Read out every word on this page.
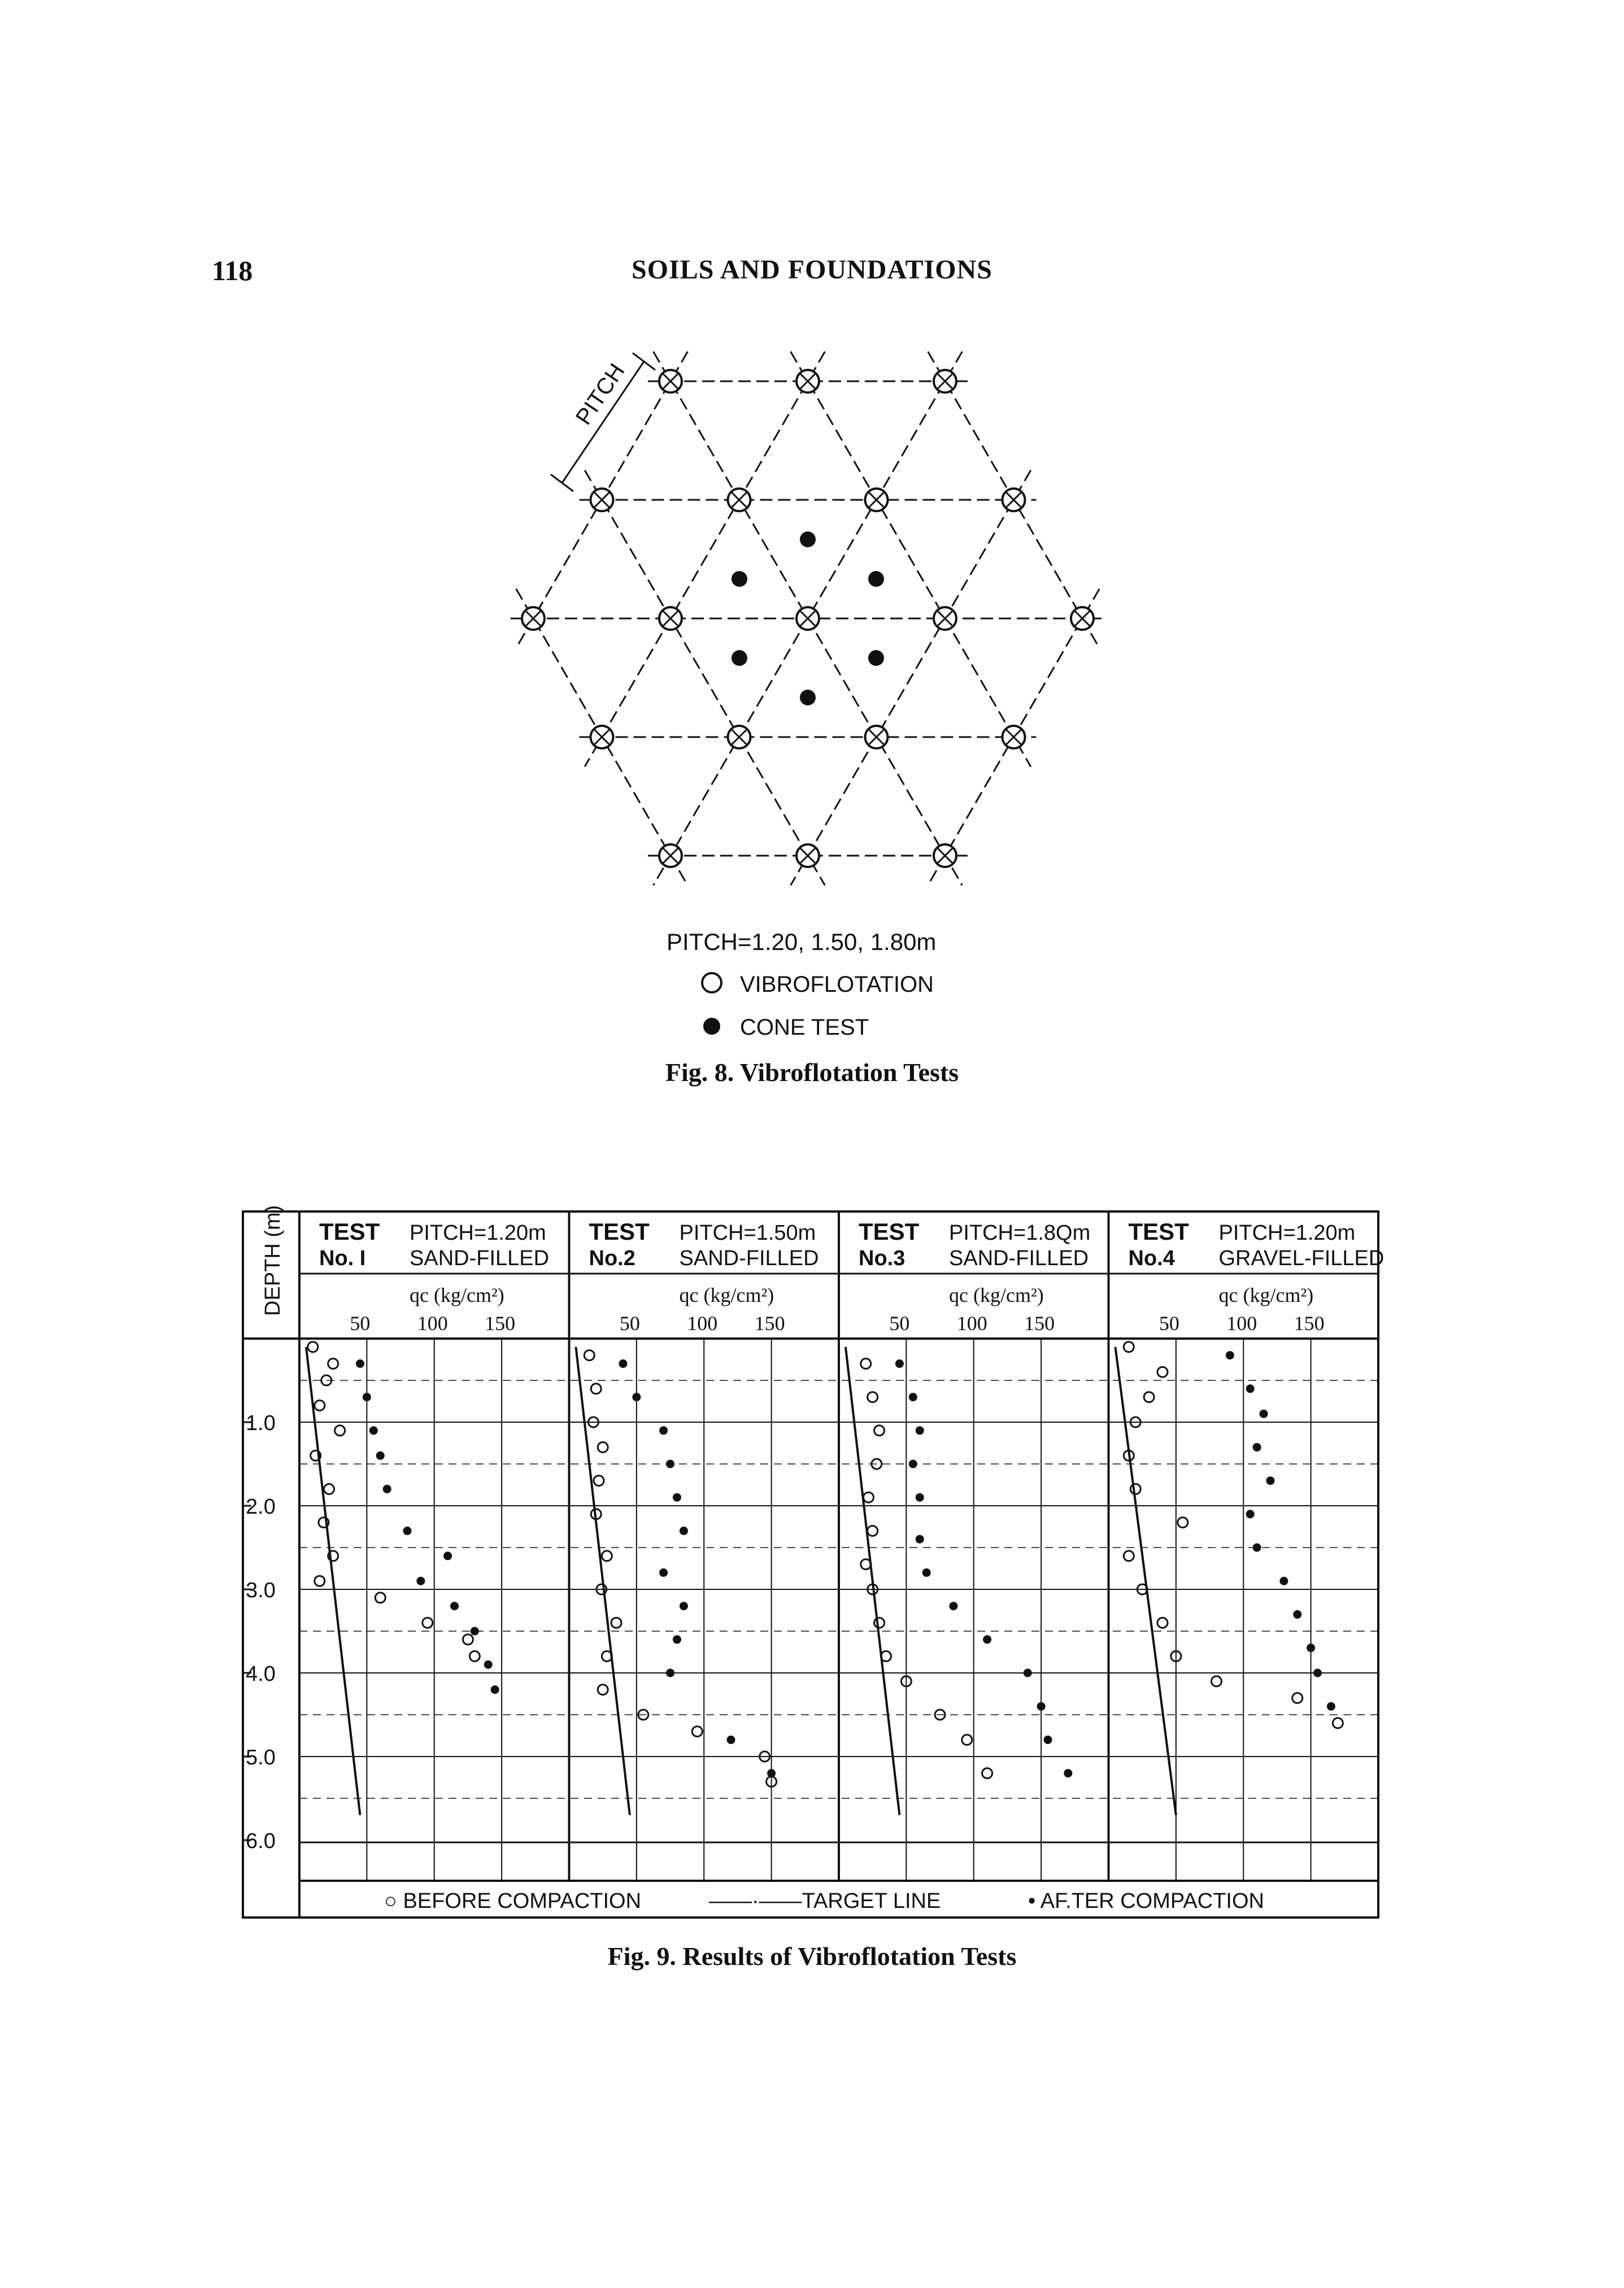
118	SOILS AND FOUNDATIONS
PITCH
PITCH=1.20, 1.50, 1.80m
VIBROFLOTATION
CONE TEST
Fig. 8. Vibroflotation Tests
TEST
No. I
PITCH=1.20m
SAND-FILLED
qc (kg/cm²)
50 100 150
TEST
No.2
PITCH=1.50m
SAND-FILLED
qc (kg/cm²)
50 100 150
TEST
No.3
PITCH=1.8Qm
SAND-FILLED
qc (kg/cm²)
50 100 150
TEST
No.4
PITCH=1.20m
GRAVEL-FILLED
qc (kg/cm²)
50 100 150
DEPTH (m)
1.0
2.0
3.0
4.0
5.0
6.0
○ BEFORE COMPACTION	——·——TARGET LINE	• AF.TER COMPACTION
Fig. 9. Results of Vibroflotation Tests
